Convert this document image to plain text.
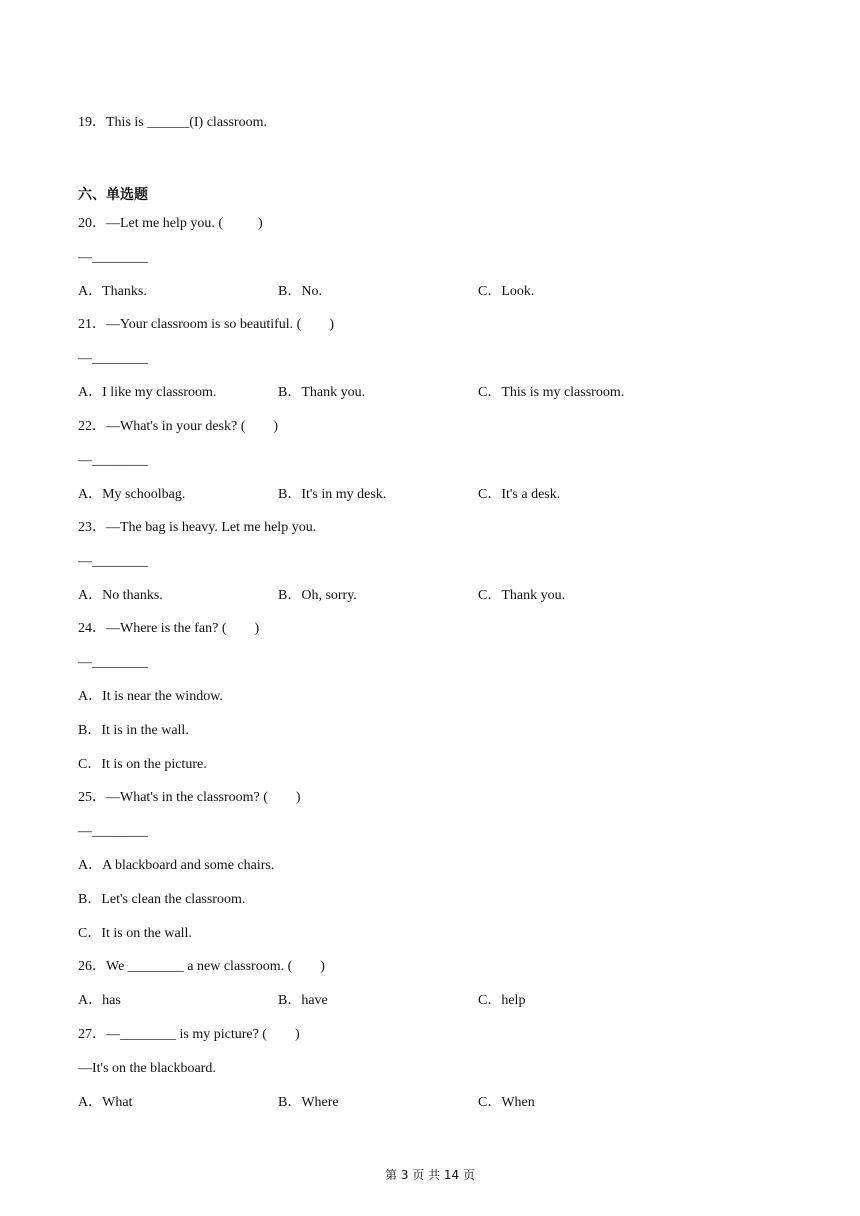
19．This is ______(I) classroom.
六、单选题
20．—Let me help you. (          )
—________
A．Thanks.	B．No.	C．Look.
21．—Your classroom is so beautiful. (        )
—________
A．I like my classroom.	B．Thank you.	C．This is my classroom.
22．—What's in your desk? (        )
—________
A．My schoolbag.	B．It's in my desk.	C．It's a desk.
23．—The bag is heavy. Let me help you.
—________
A．No thanks.	B．Oh, sorry.	C．Thank you.
24．—Where is the fan? (        )
—________
A．It is near the window.
B．It is in the wall.
C．It is on the picture.
25．—What's in the classroom? (        )
—________
A．A blackboard and some chairs.
B．Let's clean the classroom.
C．It is on the wall.
26．We ________ a new classroom. (        )
A．has	B．have	C．help
27．—________ is my picture? (        )
—It's on the blackboard.
A．What	B．Where	C．When
第 3 页 共 14 页
